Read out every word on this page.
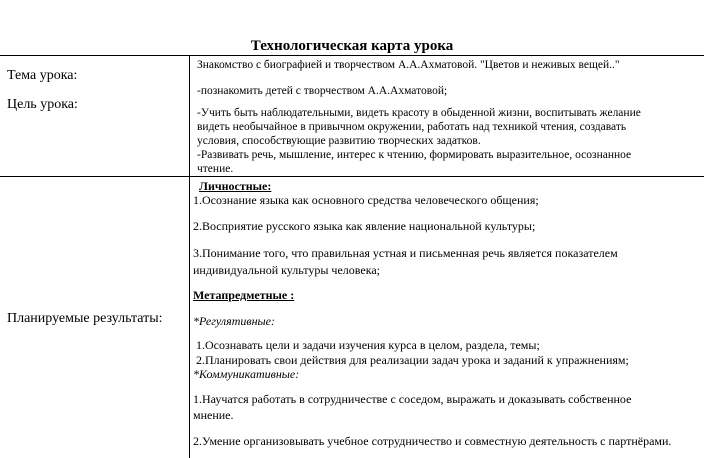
Технологическая карта урока
Тема урока:
Цель урока:
Знакомство с биографией и творчеством А.А.Ахматовой. "Цветов и неживых вещей.."
-познакомить детей с творчеством А.А.Ахматовой;
-Учить быть наблюдательными, видеть красоту в обыденной жизни, воспитывать желание
видеть необычайное в привычном окружении, работать над техникой чтения, создавать
условия, способствующие развитию творческих задатков.
-Развивать речь, мышление, интерес к чтению, формировать выразительное, осознанное
чтение.
Планируемые результаты:
Личностные:
1.Осознание языка как основного средства человеческого общения;
2.Восприятие русского языка как явление национальной культуры;
3.Понимание того, что правильная устная и письменная речь является показателем
индивидуальной культуры человека;
Метапредметные :
*Регулятивные:
1.Осознавать цели и задачи изучения курса в целом, раздела, темы;
2.Планировать свои действия для реализации задач урока и заданий к упражнениям;
*Коммуникативные:
1.Научатся работать в сотрудничестве с соседом, выражать и доказывать собственное
мнение.
2.Умение организовывать учебное сотрудничество и совместную деятельность с партнёрами.
